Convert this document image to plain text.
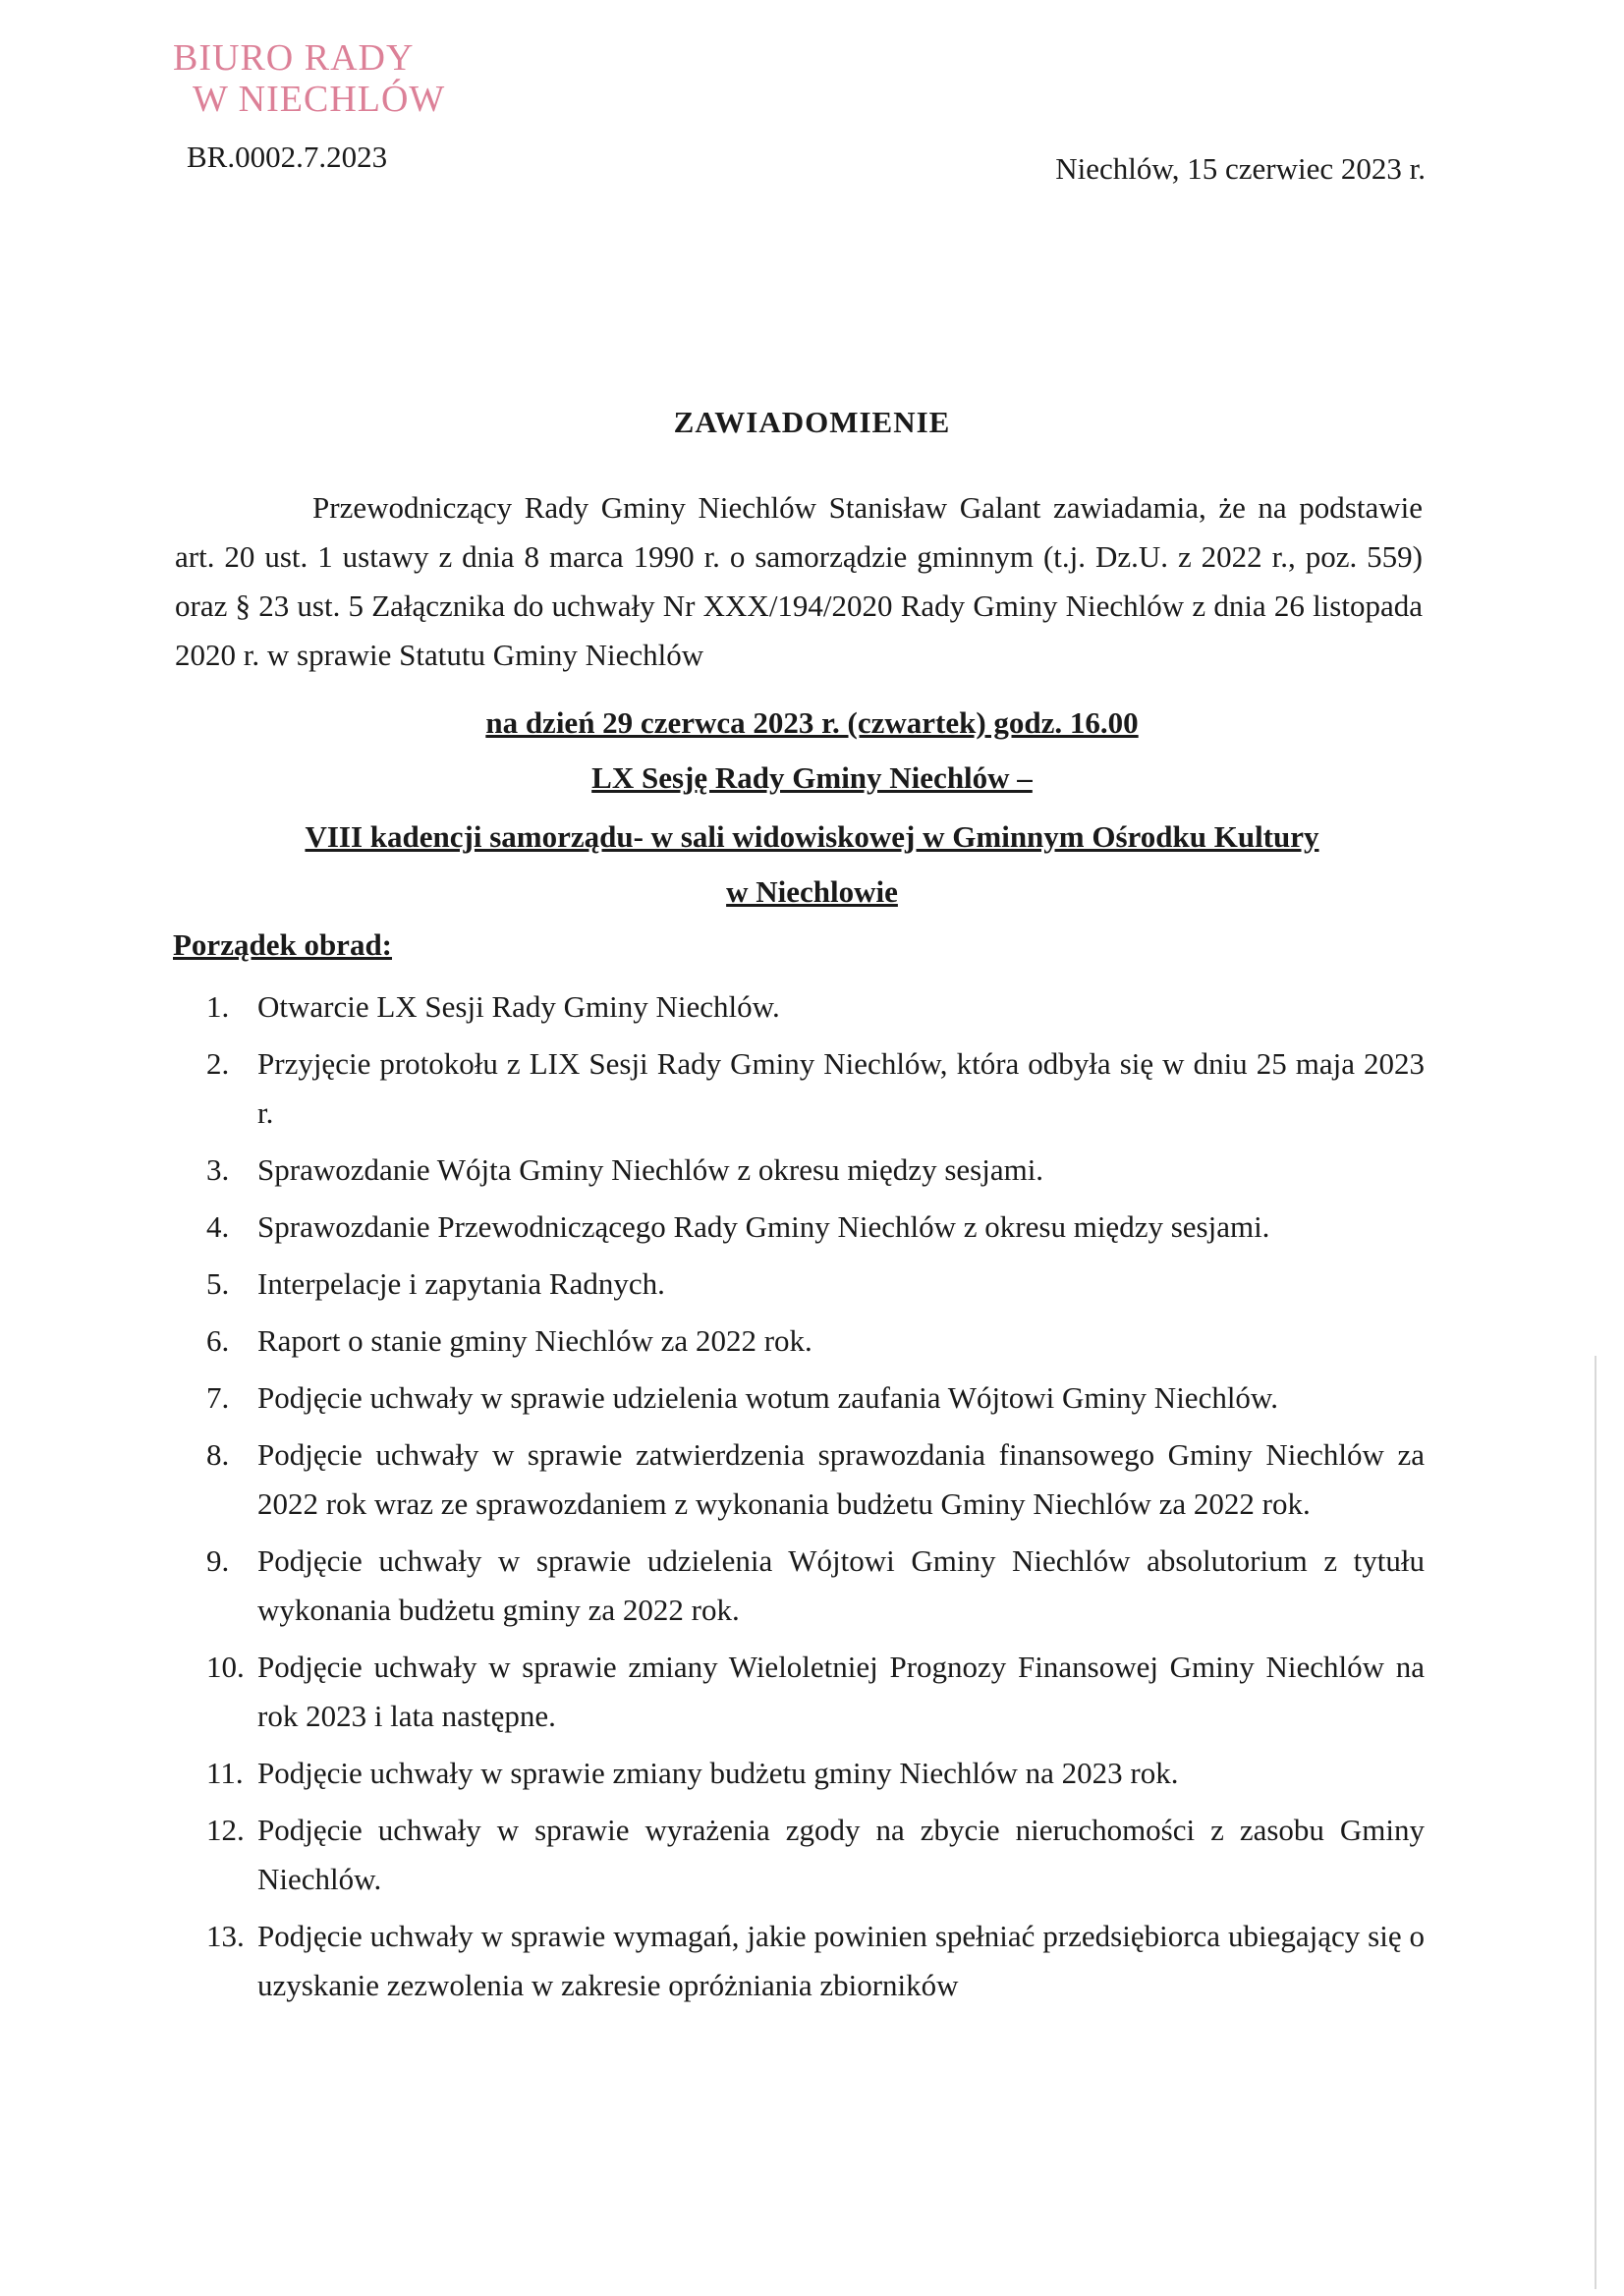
BIURO RADY
W NIECHLÓW
BR.0002.7.2023	Niechlów, 15 czerwiec 2023 r.
ZAWIADOMIENIE
Przewodniczący Rady Gminy Niechlów Stanisław Galant zawiadamia, że na podstawie art. 20 ust. 1 ustawy z dnia 8 marca 1990 r. o samorządzie gminnym (t.j. Dz.U. z 2022 r., poz. 559) oraz § 23 ust. 5 Załącznika do uchwały Nr XXX/194/2020 Rady Gminy Niechlów z dnia 26 listopada 2020 r. w sprawie Statutu Gminy Niechlów
na dzień 29 czerwca 2023 r. (czwartek) godz. 16.00
LX Sesję Rady Gminy Niechlów –
VIII kadencji samorządu- w sali widowiskowej w Gminnym Ośrodku Kultury
w Niechlowie
Porządek obrad:
1. Otwarcie LX Sesji Rady Gminy Niechlów.
2. Przyjęcie protokołu z LIX Sesji Rady Gminy Niechlów, która odbyła się w dniu 25 maja 2023 r.
3. Sprawozdanie Wójta Gminy Niechlów z okresu między sesjami.
4. Sprawozdanie Przewodniczącego Rady Gminy Niechlów z okresu między sesjami.
5. Interpelacje i zapytania Radnych.
6. Raport o stanie gminy Niechlów za 2022 rok.
7. Podjęcie uchwały w sprawie udzielenia wotum zaufania Wójtowi Gminy Niechlów.
8. Podjęcie uchwały w sprawie zatwierdzenia sprawozdania finansowego Gminy Niechlów za 2022 rok wraz ze sprawozdaniem z wykonania budżetu Gminy Niechlów za 2022 rok.
9. Podjęcie uchwały w sprawie udzielenia Wójtowi Gminy Niechlów absolutorium z tytułu wykonania budżetu gminy za 2022 rok.
10. Podjęcie uchwały w sprawie zmiany Wieloletniej Prognozy Finansowej Gminy Niechlów na rok 2023 i lata następne.
11. Podjęcie uchwały w sprawie zmiany budżetu gminy Niechlów na 2023 rok.
12. Podjęcie uchwały w sprawie wyrażenia zgody na zbycie nieruchomości z zasobu Gminy Niechlów.
13. Podjęcie uchwały w sprawie wymagań, jakie powinien spełniać przedsiębiorca ubiegający się o uzyskanie zezwolenia w zakresie opróżniania zbiorników
